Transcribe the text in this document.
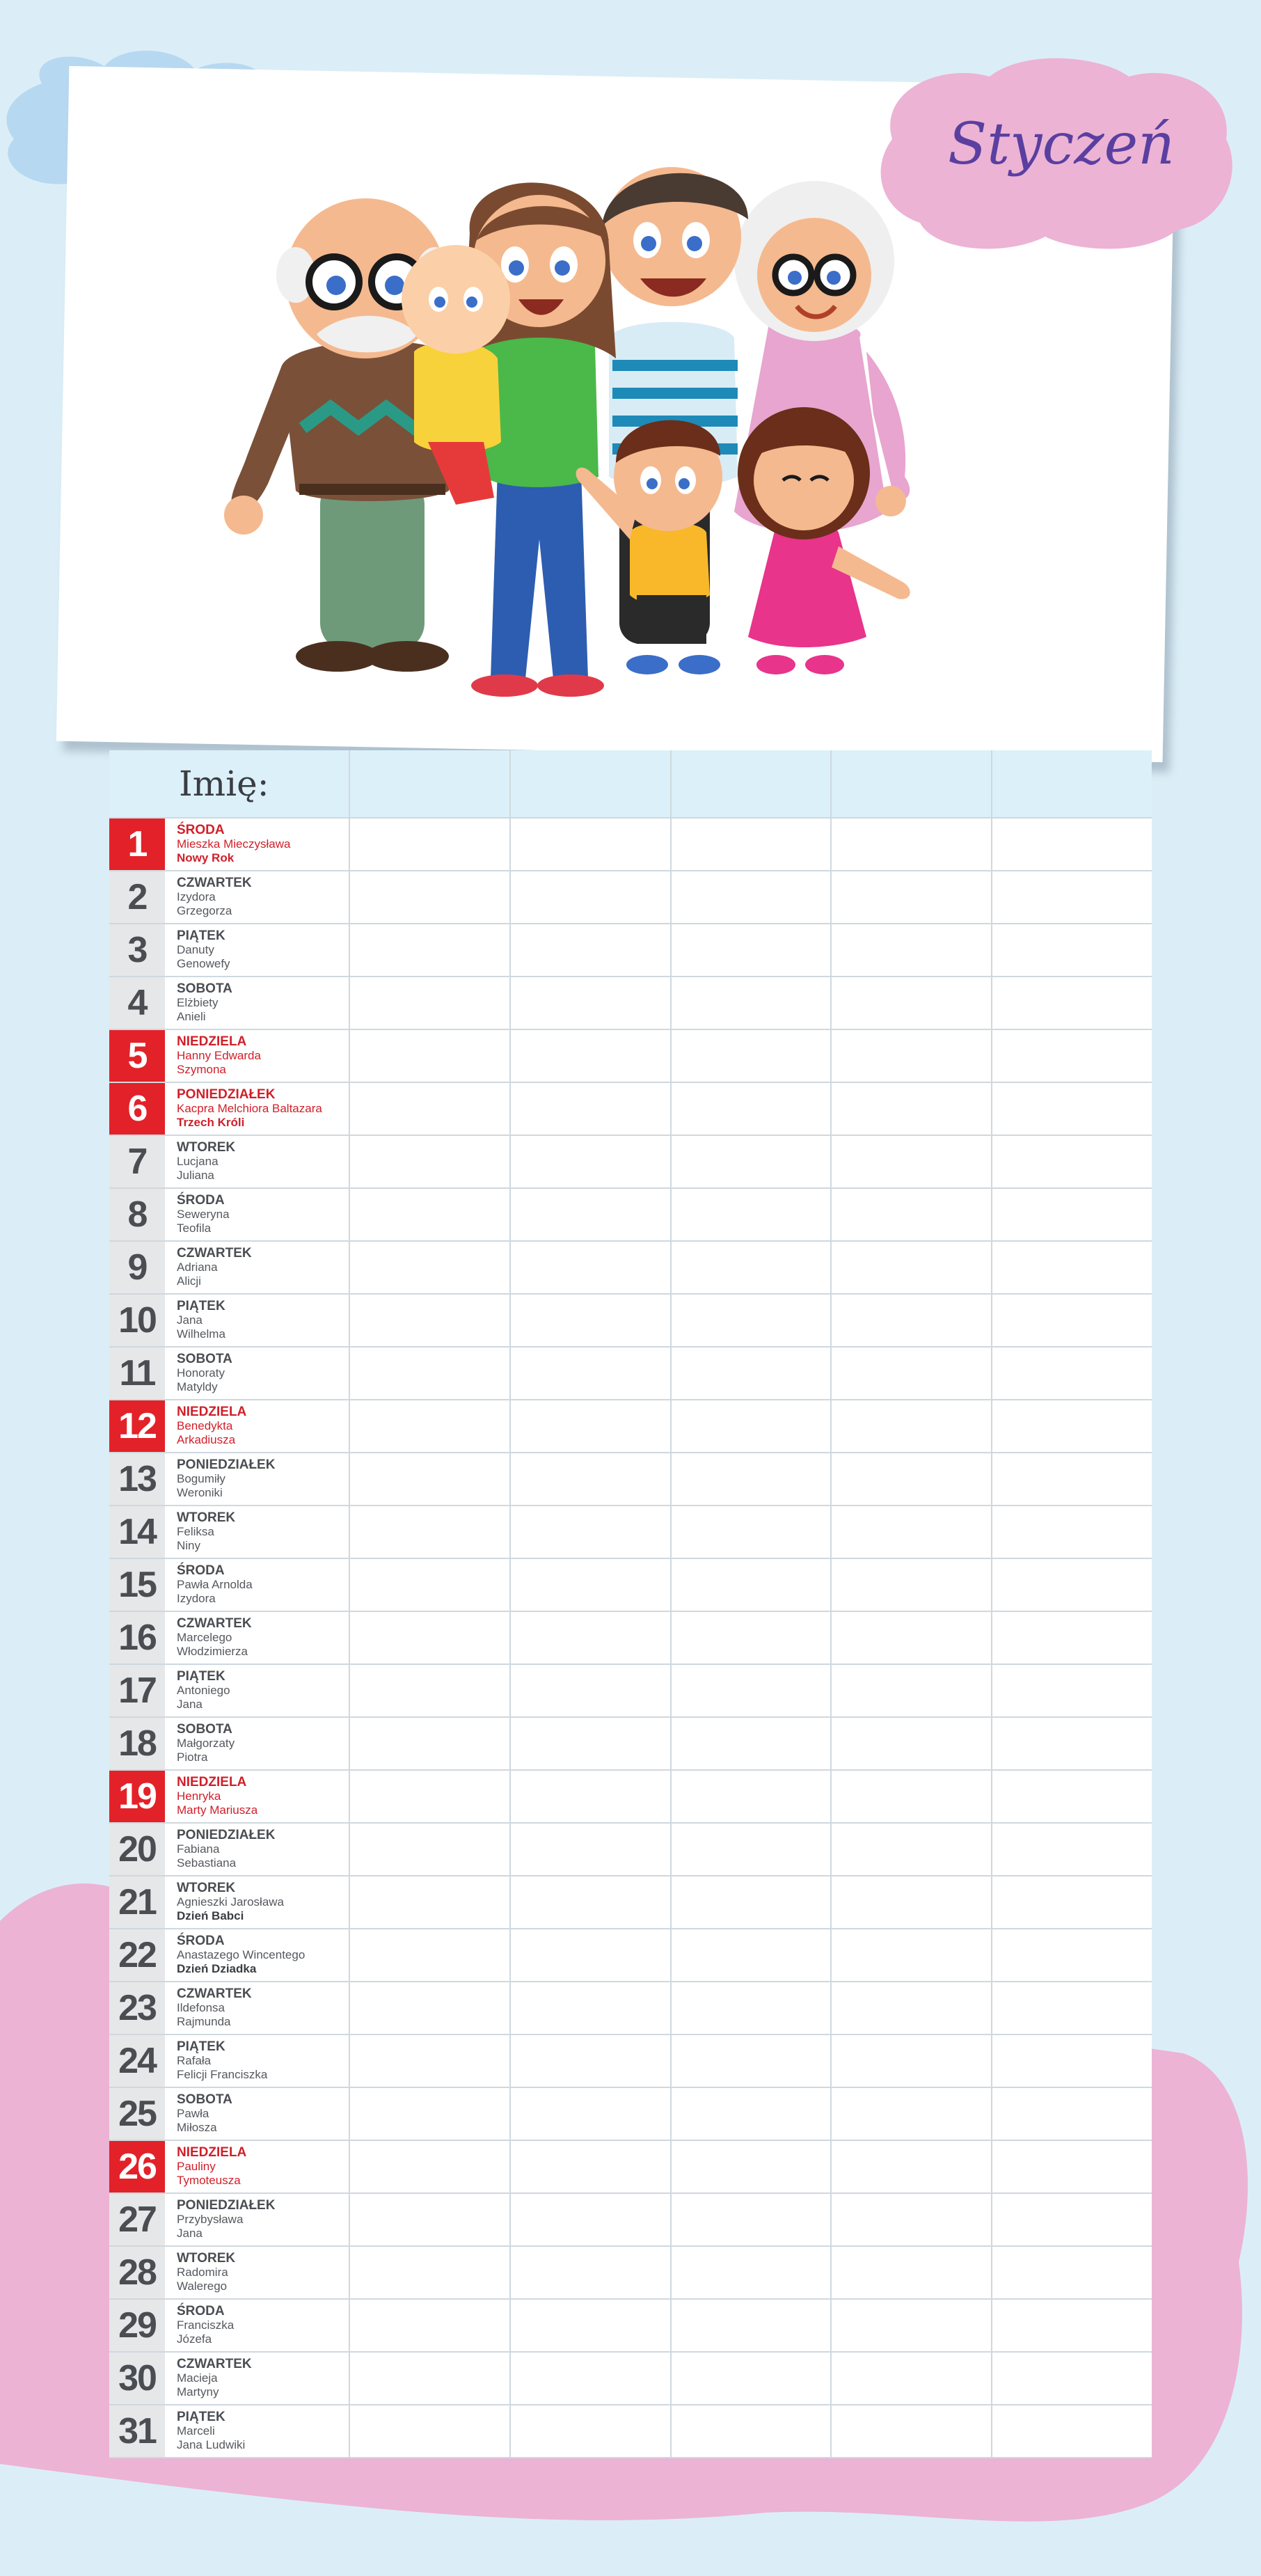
Styczeń
Imię:
1	ŚRODA
Mieszka Mieczysława
Nowy Rok
2	CZWARTEK
Izydora
Grzegorza
3	PIĄTEK
Danuty
Genowefy
4	SOBOTA
Elżbiety
Anieli
5	NIEDZIELA
Hanny Edwarda
Szymona
6	PONIEDZIAŁEK
Kacpra Melchiora Baltazara
Trzech Króli
7	WTOREK
Lucjana
Juliana
8	ŚRODA
Seweryna
Teofila
9	CZWARTEK
Adriana
Alicji
10	PIĄTEK
Jana
Wilhelma
11	SOBOTA
Honoraty
Matyldy
12	NIEDZIELA
Benedykta
Arkadiusza
13	PONIEDZIAŁEK
Bogumiły
Weroniki
14	WTOREK
Feliksa
Niny
15	ŚRODA
Pawła Arnolda
Izydora
16	CZWARTEK
Marcelego
Włodzimierza
17	PIĄTEK
Antoniego
Jana
18	SOBOTA
Małgorzaty
Piotra
19	NIEDZIELA
Henryka
Marty Mariusza
20	PONIEDZIAŁEK
Fabiana
Sebastiana
21	WTOREK
Agnieszki Jarosława
Dzień Babci
22	ŚRODA
Anastazego Wincentego
Dzień Dziadka
23	CZWARTEK
Ildefonsa
Rajmunda
24	PIĄTEK
Rafała
Felicji Franciszka
25	SOBOTA
Pawła
Miłosza
26	NIEDZIELA
Pauliny
Tymoteusza
27	PONIEDZIAŁEK
Przybysława
Jana
28	WTOREK
Radomira
Walerego
29	ŚRODA
Franciszka
Józefa
30	CZWARTEK
Macieja
Martyny
31	PIĄTEK
Marceli
Jana Ludwiki
